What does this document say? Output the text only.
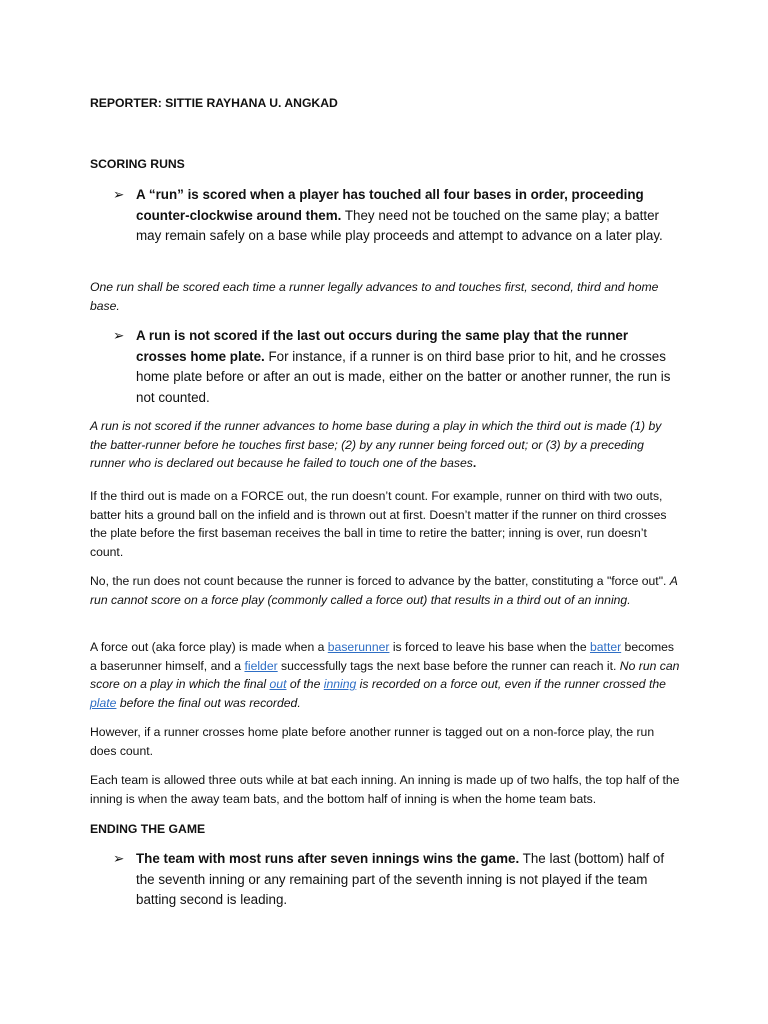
REPORTER: SITTIE RAYHANA U. ANGKAD

SCORING RUNS

➢ A “run” is scored when a player has touched all four bases in order, proceeding counter-clockwise around them. They need not be touched on the same play; a batter may remain safely on a base while play proceeds and attempt to advance on a later play.

One run shall be scored each time a runner legally advances to and touches first, second, third and home base.

➢ A run is not scored if the last out occurs during the same play that the runner crosses home plate. For instance, if a runner is on third base prior to hit, and he crosses home plate before or after an out is made, either on the batter or another runner, the run is not counted.

A run is not scored if the runner advances to home base during a play in which the third out is made (1) by the batter-runner before he touches first base; (2) by any runner being forced out; or (3) by a preceding runner who is declared out because he failed to touch one of the bases.

If the third out is made on a FORCE out, the run doesn’t count. For example, runner on third with two outs, batter hits a ground ball on the infield and is thrown out at first. Doesn’t matter if the runner on third crosses the plate before the first baseman receives the ball in time to retire the batter; inning is over, run doesn’t count.

No, the run does not count because the runner is forced to advance by the batter, constituting a "force out". A run cannot score on a force play (commonly called a force out) that results in a third out of an inning.

A force out (aka force play) is made when a baserunner is forced to leave his base when the batter becomes a baserunner himself, and a fielder successfully tags the next base before the runner can reach it. No run can score on a play in which the final out of the inning is recorded on a force out, even if the runner crossed the plate before the final out was recorded.

However, if a runner crosses home plate before another runner is tagged out on a non-force play, the run does count.

Each team is allowed three outs while at bat each inning. An inning is made up of two halfs, the top half of the inning is when the away team bats, and the bottom half of inning is when the home team bats.

ENDING THE GAME

➢ The team with most runs after seven innings wins the game. The last (bottom) half of the seventh inning or any remaining part of the seventh inning is not played if the team batting second is leading.
